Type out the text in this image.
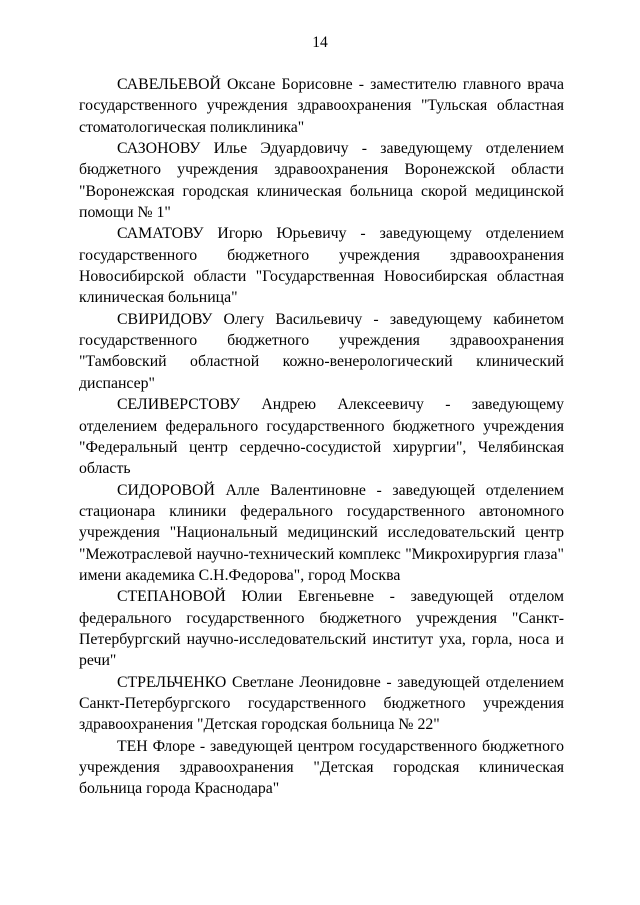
14

САВЕЛЬЕВОЙ Оксане Борисовне - заместителю главного врача государственного учреждения здравоохранения "Тульская областная стоматологическая поликлиника"

САЗОНОВУ Илье Эдуардовичу - заведующему отделением бюджетного учреждения здравоохранения Воронежской области "Воронежская городская клиническая больница скорой медицинской помощи № 1"

САМАТОВУ Игорю Юрьевичу - заведующему отделением государственного бюджетного учреждения здравоохранения Новосибирской области "Государственная Новосибирская областная клиническая больница"

СВИРИДОВУ Олегу Васильевичу - заведующему кабинетом государственного бюджетного учреждения здравоохранения "Тамбовский областной кожно-венерологический клинический диспансер"

СЕЛИВЕРСТОВУ Андрею Алексеевичу - заведующему отделением федерального государственного бюджетного учреждения "Федеральный центр сердечно-сосудистой хирургии", Челябинская область

СИДОРОВОЙ Алле Валентиновне - заведующей отделением стационара клиники федерального государственного автономного учреждения "Национальный медицинский исследовательский центр "Межотраслевой научно-технический комплекс "Микрохирургия глаза" имени академика С.Н.Федорова", город Москва

СТЕПАНОВОЙ Юлии Евгеньевне - заведующей отделом федерального государственного бюджетного учреждения "Санкт-Петербургский научно-исследовательский институт уха, горла, носа и речи"

СТРЕЛЬЧЕНКО Светлане Леонидовне - заведующей отделением Санкт-Петербургского государственного бюджетного учреждения здравоохранения "Детская городская больница № 22"

ТЕН Флоре - заведующей центром государственного бюджетного учреждения здравоохранения "Детская городская клиническая больница города Краснодара"
